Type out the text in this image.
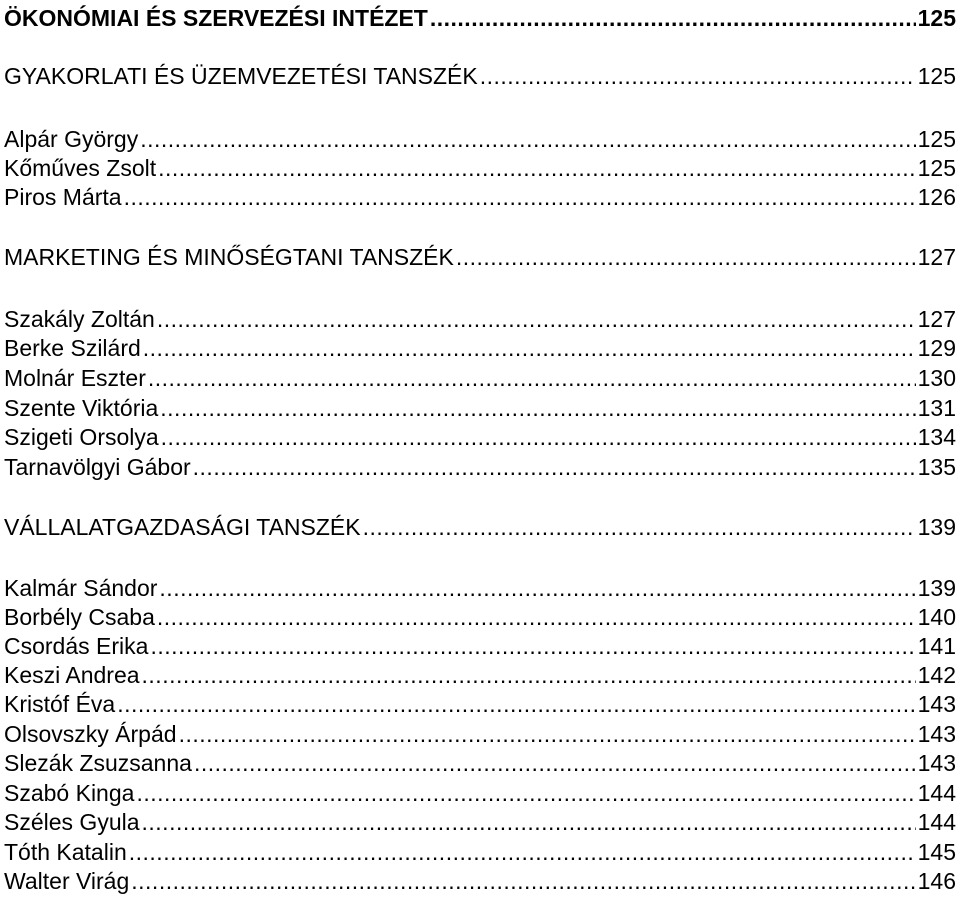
ÖKONÓMIAI ÉS SZERVEZÉSI INTÉZET .....	125
GYAKORLATI ÉS ÜZEMVEZETÉSI TANSZÉK .....	125
Alpár György .....	125
Kőműves Zsolt .....	125
Piros Márta .....	126
MARKETING ÉS MINŐSÉGTANI TANSZÉK .....	127
Szakály Zoltán .....	127
Berke Szilárd .....	129
Molnár Eszter .....	130
Szente Viktória .....	131
Szigeti Orsolya .....	134
Tarnavölgyi Gábor .....	135
VÁLLALATGAZDASÁGI TANSZÉK .....	139
Kalmár Sándor .....	139
Borbély Csaba .....	140
Csordás Erika .....	141
Keszi Andrea .....	142
Kristóf Éva .....	143
Olsovszky Árpád .....	143
Slezák Zsuzsanna .....	143
Szabó Kinga .....	144
Széles Gyula .....	144
Tóth Katalin .....	145
Walter Virág .....	146
